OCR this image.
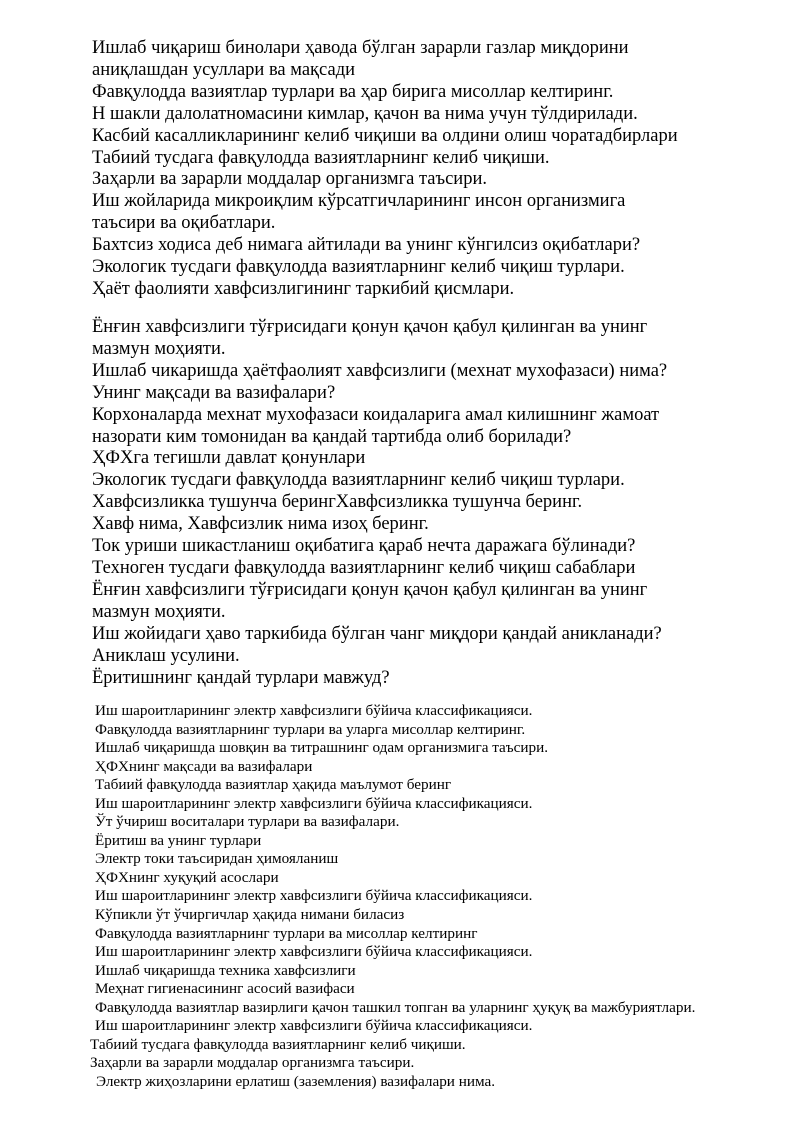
Ишлаб чиқариш бинолари ҳавода бўлган зарарли газлар миқдорини
аниқлашдан усуллари ва мақсади
Фавқулодда вазиятлар турлари ва ҳар бирига мисоллар келтиринг.
Н шакли далолатномасини кимлар, қачон ва нима учун тўлдирилади.
Касбий касалликларининг келиб чиқиши ва олдини олиш чоратадбирлари
Табиий тусдага фавқулодда вазиятларнинг келиб чиқиши.
Заҳарли ва зарарли моддалар организмга таъсири.
Иш жойларида микроиқлим кўрсатгичларининг инсон организмига
таъсири ва оқибатлари.
Бахтсиз ходиса деб нимага айтилади ва унинг кўнгилсиз оқибатлари?
Экологик тусдаги фавқулодда вазиятларнинг келиб чиқиш турлари.
Ҳаёт фаолияти хавфсизлигининг таркибий қисмлари.
Ёнғин хавфсизлиги тўғрисидаги қонун қачон қабул қилинган ва унинг
мазмун моҳияти.
Ишлаб чикаришда ҳаётфаолият хавфсизлиги (мехнат мухофазаси) нима?
Унинг мақсади ва вазифалари?
Корхоналарда мехнат мухофазаси коидаларига амал килишнинг жамоат
назорати ким томонидан ва қандай тартибда олиб борилади?
ҲФХга тегишли давлат қонунлари
Экологик тусдаги фавқулодда вазиятларнинг келиб чиқиш турлари.
Хавфсизликка тушунча берингХавфсизликка тушунча беринг.
Хавф нима, Хавфсизлик нима изоҳ беринг.
Ток уриши шикастланиш оқибатига қараб нечта даражага бўлинади?
Техноген тусдаги фавқулодда вазиятларнинг келиб чиқиш сабаблари
Ёнғин хавфсизлиги тўғрисидаги қонун қачон қабул қилинган ва унинг
мазмун моҳияти.
Иш жойидаги ҳаво таркибида бўлган чанг миқдори қандай аникланади?
Аниклаш усулини.
Ёритишнинг қандай турлари мавжуд?
Иш шароитларининг электр хавфсизлиги бўйича классификацияси.
Фавқулодда вазиятларнинг турлари ва уларга мисоллар келтиринг.
Ишлаб чиқаришда шовқин ва титрашнинг одам организмига таъсири.
ҲФХнинг мақсади ва вазифалари
Табиий фавқулодда вазиятлар ҳақида маълумот беринг
Иш шароитларининг электр хавфсизлиги бўйича классификацияси.
Ўт ўчириш воситалари турлари ва вазифалари.
Ёритиш ва унинг турлари
Электр токи таъсиридан ҳимояланиш
ҲФХнинг хуқуқий асослари
Иш шароитларининг электр хавфсизлиги бўйича классификацияси.
Кўпикли ўт ўчиргичлар ҳақида нимани биласиз
Фавқулодда вазиятларнинг турлари ва мисоллар келтиринг
Иш шароитларининг электр хавфсизлиги бўйича классификацияси.
Ишлаб чиқаришда техника хавфсизлиги
Меҳнат гигиенасининг асосий вазифаси
Фавқулодда вазиятлар вазирлиги қачон ташкил топган ва уларнинг ҳуқуқ ва мажбуриятлари.
Иш шароитларининг электр хавфсизлиги бўйича классификацияси.
Табиий тусдага фавқулодда вазиятларнинг келиб чиқиши.
Заҳарли ва зарарли моддалар организмга таъсири.
Электр жиҳозларини ерлатиш (заземления) вазифалари нима.
